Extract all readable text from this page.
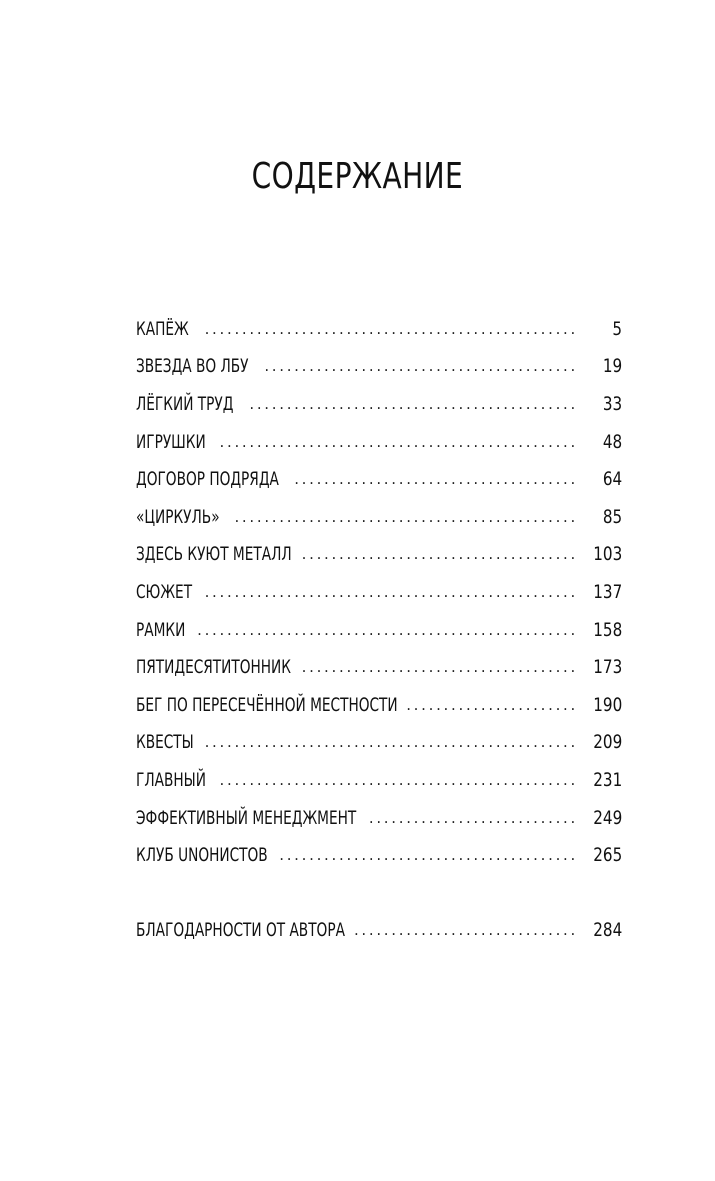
СОДЕРЖАНИЕ
КАПЁЖ	.................................................. 5
ЗВЕЗДА ВО ЛБУ	.......................................... 19
ЛЁГКИЙ ТРУД	............................................ 33
ИГРУШКИ ................................................ 48
ДОГОВОР ПОДРЯДА	...................................... 64
«ЦИРКУЛЬ» .............................................. 85
ЗДЕСЬ КУЮТ МЕТАЛЛ ..................................... 103
СЮЖЕТ .................................................. 137
РАМКИ ................................................... 158
ПЯТИДЕСЯТИТОННИК ..................................... 173
БЕГ ПО ПЕРЕСЕЧЁННОЙ МЕСТНОСТИ ....................... 190
КВЕСТЫ .................................................. 209
ГЛАВНЫЙ ................................................ 231
ЭФФЕКТИВНЫЙ МЕНЕДЖМЕНТ ............................ 249
КЛУБ UNOНИСТОВ ........................................ 265
БЛАГОДАРНОСТИ ОТ АВТОРА .............................. 284
